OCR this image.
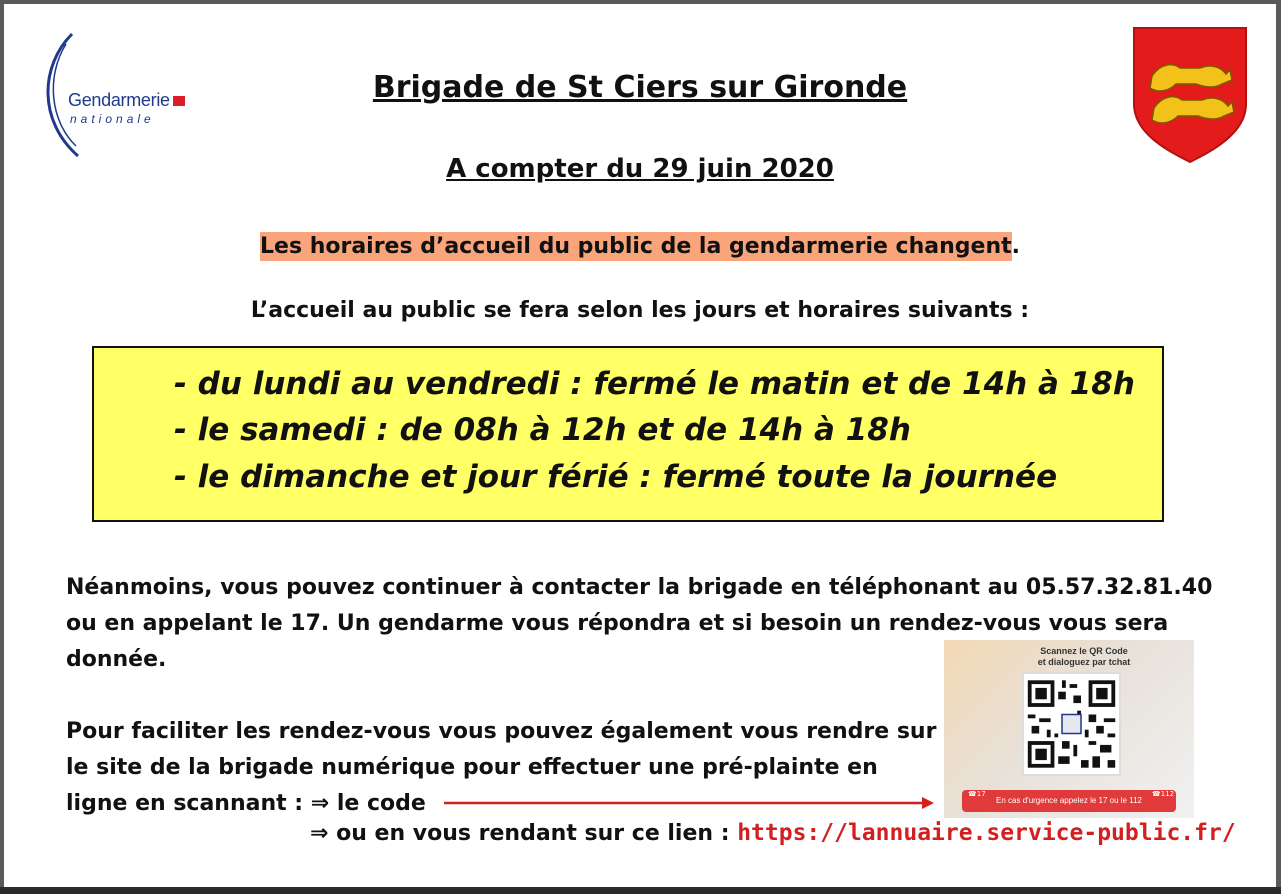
Gendarmerie
nationale
Brigade de St Ciers sur Gironde
A compter du 29 juin 2020
Les horaires d’accueil du public de la gendarmerie changent.
L’accueil au public se fera selon les jours et horaires suivants :
- du lundi au vendredi : fermé le matin et de 14h à 18h
- le samedi : de 08h à 12h et de 14h à 18h
- le dimanche et jour férié : fermé toute la journée
Néanmoins, vous pouvez continuer à contacter la brigade en téléphonant au 05.57.32.81.40 ou en appelant le 17. Un gendarme vous répondra et si besoin un rendez-vous vous sera donnée.
Pour faciliter les rendez-vous vous pouvez également vous rendre sur le site de la brigade numérique pour effectuer une pré-plainte en ligne en scannant : ⇒ le code
⇒ ou en vous rendant sur ce lien : https://lannuaire.service-public.fr/
Scannez le QR Code
et dialoguez par tchat
En cas d'urgence appelez le 17 ou le 112
☎17	☎112
